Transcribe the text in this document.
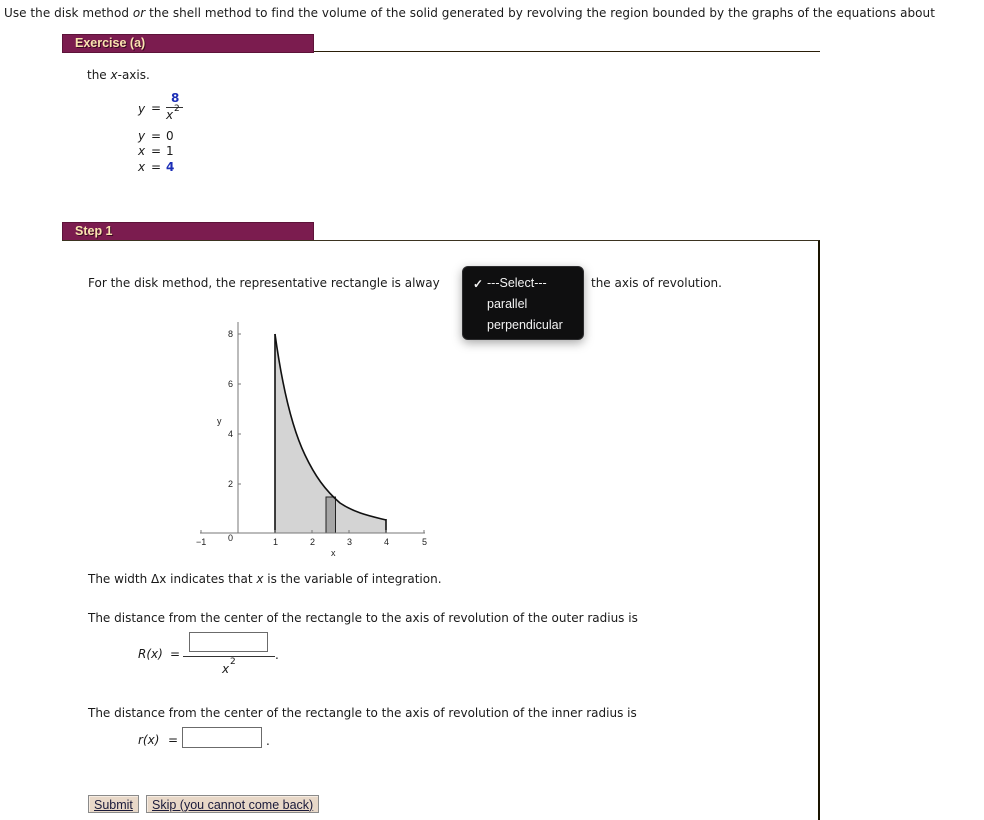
Use the disk method or the shell method to find the volume of the solid generated by revolving the region bounded by the graphs of the equations about
Exercise (a)
the x-axis.
y =
8
x 2
y = 0
x = 1
x = 4
Step 1
For the disk method, the representative rectangle is alway	the axis of revolution.
✓ ---Select---
parallel
perpendicular
−1 0	1	2	3	4	5
8
6
4
2
y
x
The width Δx indicates that x is the variable of integration.
The distance from the center of the rectangle to the axis of revolution of the outer radius is
R(x) =	.
x 2
The distance from the center of the rectangle to the axis of revolution of the inner radius is
r(x) =	.
Submit	Skip (you cannot come back)
